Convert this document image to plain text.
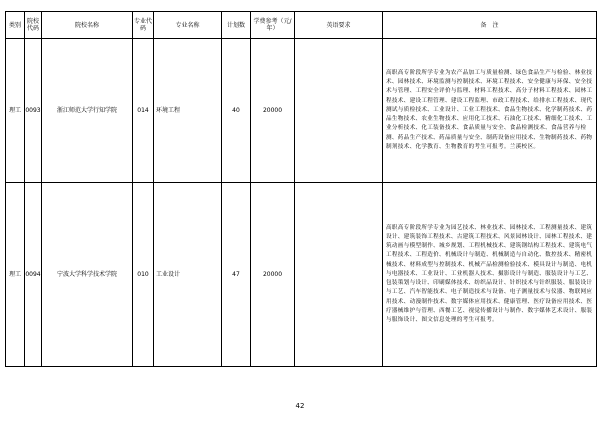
类别	院校代码	院校名称	专业代码	专业名称	计划数	学费参考（元/年）	英语要求	备　注
理工	0093	浙江师范大学行知学院	014	环境工程	40	20000		高职高专阶段所学专业为农产品加工与质量检测、绿色食品生产与检验、林业技术、园林技术、环境监测与控制技术、环境工程技术、安全健康与环保、安全技术与管理、工程安全评价与监理、材料工程技术、高分子材料工程技术、园林工程技术、建设工程管理、建设工程监理、市政工程技术、给排水工程技术、现代测试与质检技术、工业设计、工业工程技术、食品生物技术、化学制药技术、药品生物技术、农业生物技术、应用化工技术、石油化工技术、精细化工技术、工业分析技术、化工装备技术、食品质量与安全、食品检测技术、食品营养与检测、药品生产技术、药品质量与安全、制药设备应用技术、生物制药技术、药物制剂技术、化学教育、生物教育的考生可报考。兰溪校区。
理工	0094	宁波大学科学技术学院	010	工业设计	47	20000		高职高专阶段所学专业为园艺技术、林业技术、园林技术、工程测量技术、建筑设计、建筑装饰工程技术、古建筑工程技术、风景园林设计、园林工程技术、建筑动画与模型制作、城乡规划、工程机械技术、建筑钢结构工程技术、建筑电气工程技术、工程造价、机械设计与制造、机械制造与自动化、数控技术、精密机械技术、材料成型与控制技术、机械产品检测检验技术、模具设计与制造、电机与电器技术、工业设计、工业机器人技术、摄影设计与制造、服装设计与工艺、包装策划与设计、印刷媒体技术、纺织品设计、针织技术与针织服装、服装设计与工艺、汽车智能技术、电子制造技术与设备、电子测量技术与仪器、物联网应用技术、动漫制作技术、数字媒体应用技术、健康管理、医疗设备应用技术、医疗器械维护与管理、西餐工艺、视觉传播设计与制作、数字媒体艺术设计、服装与服饰设计、图文信息处理的考生可报考。
42
